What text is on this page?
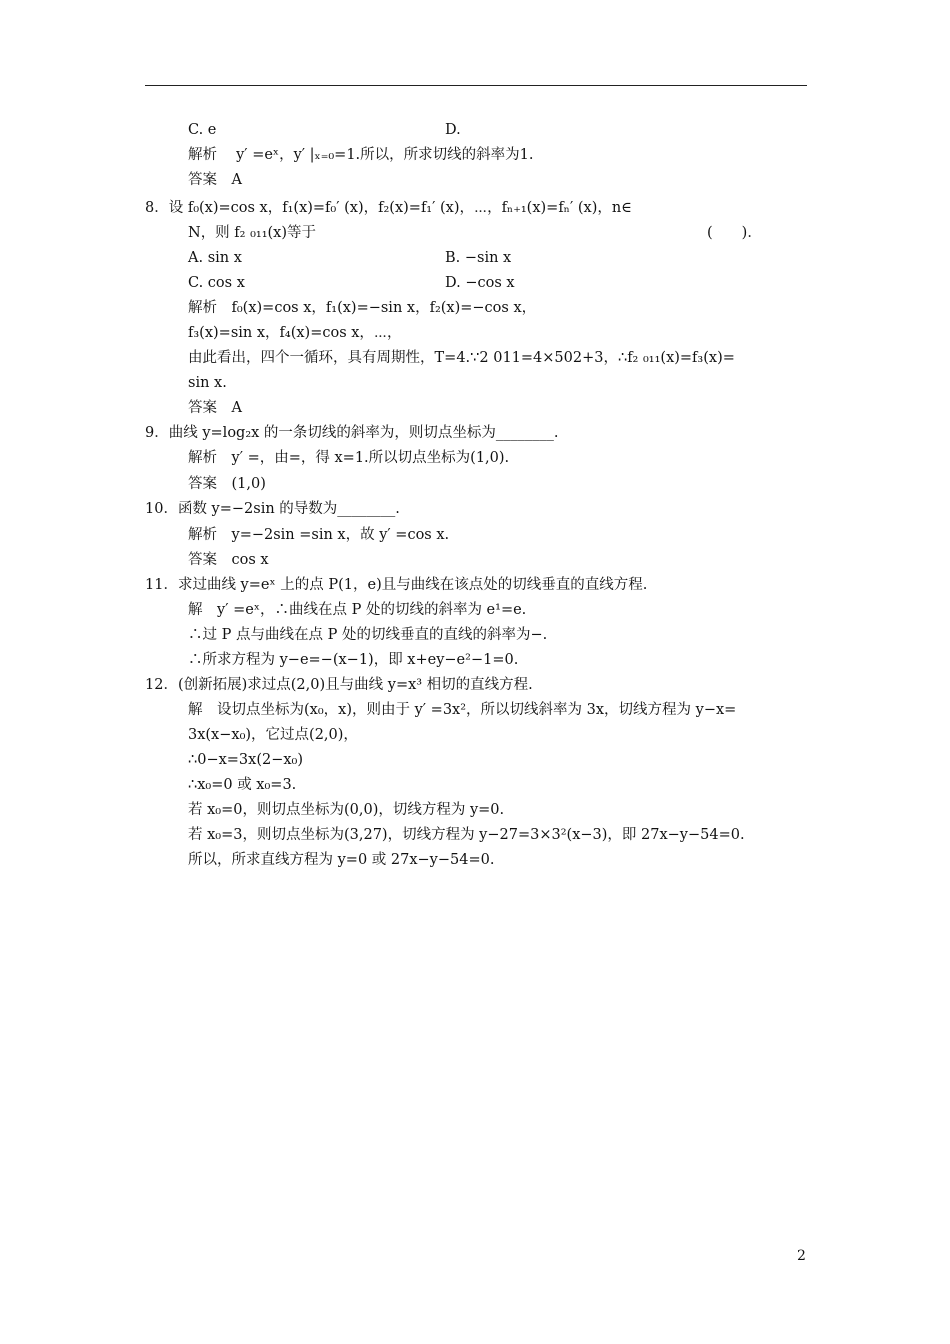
C. e	D.
解析　 y′ =eˣ，y′ |ₓ₌₀=1.所以，所求切线的斜率为1.
答案　A
8．设 f₀(x)=cos x，f₁(x)=f₀′ (x)，f₂(x)=f₁′ (x)，⋯，fₙ₊₁(x)=fₙ′ (x)，n∈
N，则 f₂ ₀₁₁(x)等于	(　　)．
A. sin x	B. −sin x
C. cos x	D. −cos x
解析　f₀(x)=cos x，f₁(x)=−sin x，f₂(x)=−cos x，
f₃(x)=sin x，f₄(x)=cos x，⋯，
由此看出，四个一循环，具有周期性，T=4.∵2 011=4×502+3，∴f₂ ₀₁₁(x)=f₃(x)=
sin x.
答案　A
9．曲线 y=log₂x 的一条切线的斜率为，则切点坐标为________.
解析　y′ =，由=，得 x=1.所以切点坐标为(1,0).
答案　(1,0)
10．函数 y=−2sin 的导数为________.
解析　y=−2sin =sin x，故 y′ =cos x.
答案　cos x
11．求过曲线 y=eˣ 上的点 P(1，e)且与曲线在该点处的切线垂直的直线方程.
解　y′ =eˣ，∴曲线在点 P 处的切线的斜率为 e¹=e.
∴过 P 点与曲线在点 P 处的切线垂直的直线的斜率为−.
∴所求方程为 y−e=−(x−1)，即 x+ey−e²−1=0.
12．(创新拓展)求过点(2,0)且与曲线 y=x³ 相切的直线方程.
解　设切点坐标为(x₀，x)，则由于 y′ =3x²，所以切线斜率为 3x，切线方程为 y−x=
3x(x−x₀)，它过点(2,0)，
∴0−x=3x(2−x₀)
∴x₀=0 或 x₀=3.
若 x₀=0，则切点坐标为(0,0)，切线方程为 y=0.
若 x₀=3，则切点坐标为(3,27)，切线方程为 y−27=3×3²(x−3)，即 27x−y−54=0.
所以，所求直线方程为 y=0 或 27x−y−54=0.
2
